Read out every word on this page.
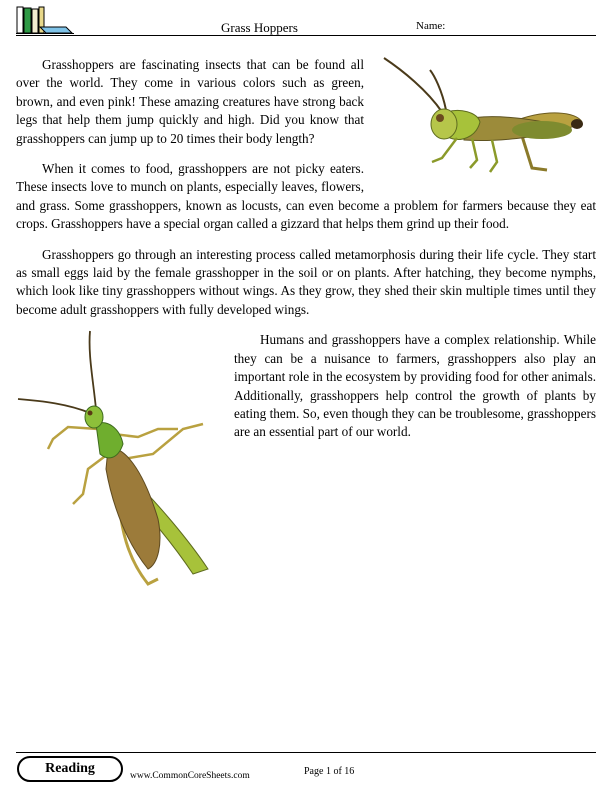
Grass Hoppers	Name:

Grasshoppers are fascinating insects that can be found all over the world. They come in various colors such as green, brown, and even pink! These amazing creatures have strong back legs that help them jump quickly and high. Did you know that grasshoppers can jump up to 20 times their body length?

When it comes to food, grasshoppers are not picky eaters. These insects love to munch on plants, especially leaves, flowers, and grass. Some grasshoppers, known as locusts, can even become a problem for farmers because they eat crops. Grasshoppers have a special organ called a gizzard that helps them grind up their food.

Grasshoppers go through an interesting process called metamorphosis during their life cycle. They start as small eggs laid by the female grasshopper in the soil or on plants. After hatching, they become nymphs, which look like tiny grasshoppers without wings. As they grow, they shed their skin multiple times until they become adult grasshoppers with fully developed wings.

Humans and grasshoppers have a complex relationship. While they can be a nuisance to farmers, grasshoppers also play an important role in the ecosystem by providing food for other animals. Additionally, grasshoppers help control the growth of plants by eating them. So, even though they can be troublesome, grasshoppers are an essential part of our world.

Reading	www.CommonCoreSheets.com	Page 1 of 16
